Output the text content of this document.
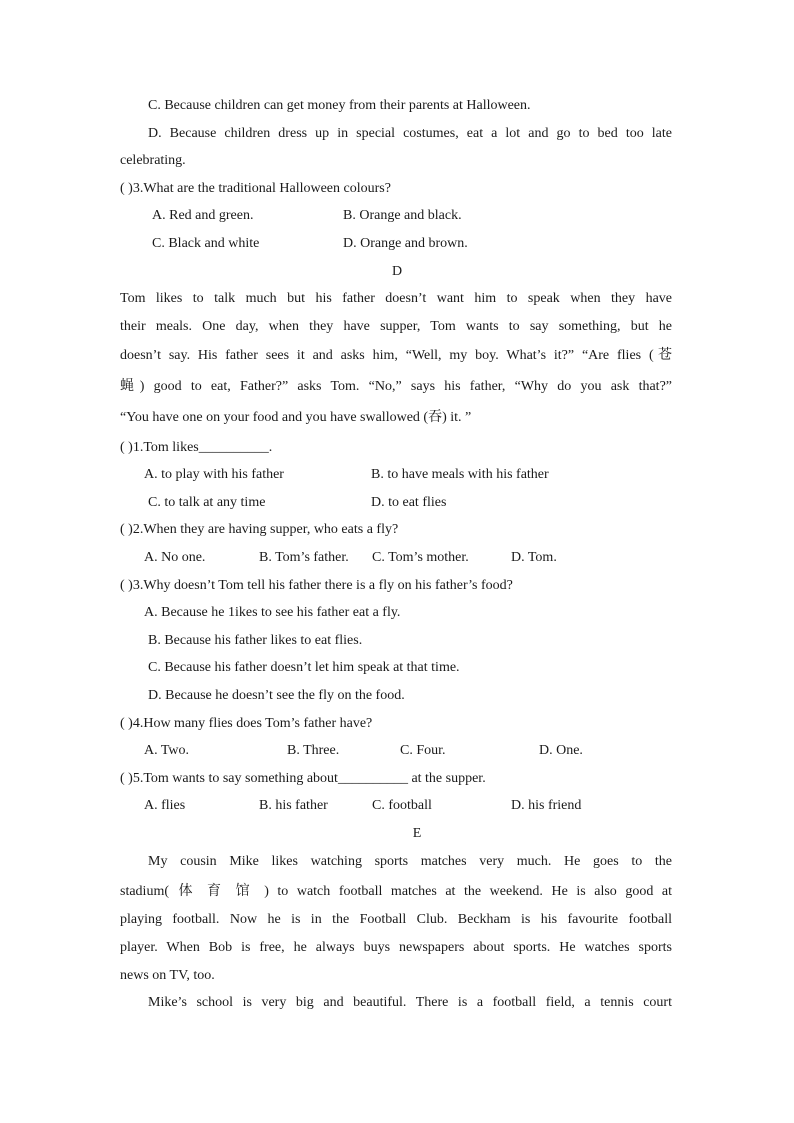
C. Because children can get money from their parents at Halloween.
D. Because children dress up in special costumes, eat a lot and go to bed too late
celebrating.
( )3.What are the traditional Halloween colours?
A. Red and green.	B. Orange and black.
C. Black and white	D. Orange and brown.
D
Tom likes to talk much but his father doesn’t want him to speak when they have
their meals. One day, when they have supper, Tom wants to say something, but he
doesn’t say. His father sees it and asks him, “Well, my boy. What’s it?” “Are flies (苍
蝇) good to eat, Father?” asks Tom. “No,” says his father, “Why do you ask that?”
“You have one on your food and you have swallowed (吞) it. ”
( )1.Tom likes__________.
A. to play with his father	B. to have meals with his father
C. to talk at any time	D. to eat flies
( )2.When they are having supper, who eats a fly?
A. No one.	B. Tom’s father. C. Tom’s mother.	D. Tom.
( )3.Why doesn’t Tom tell his father there is a fly on his father’s food?
A. Because he 1ikes to see his father eat a fly.
B. Because his father likes to eat flies.
C. Because his father doesn’t let him speak at that time.
D. Because he doesn’t see the fly on the food.
( )4.How many flies does Tom’s father have?
A. Two.	B. Three.	C. Four.	D. One.
( )5.Tom wants to say something about__________ at the supper.
A. flies	B. his father	C. football	D. his friend
E
My cousin Mike likes watching sports matches very much. He goes to the
stadium( 体 育 馆 ) to watch football matches at the weekend. He is also good at
playing football. Now he is in the Football Club. Beckham is his favourite football
player. When Bob is free, he always buys newspapers about sports. He watches sports
news on TV, too.
Mike’s school is very big and beautiful. There is a football field, a tennis court
